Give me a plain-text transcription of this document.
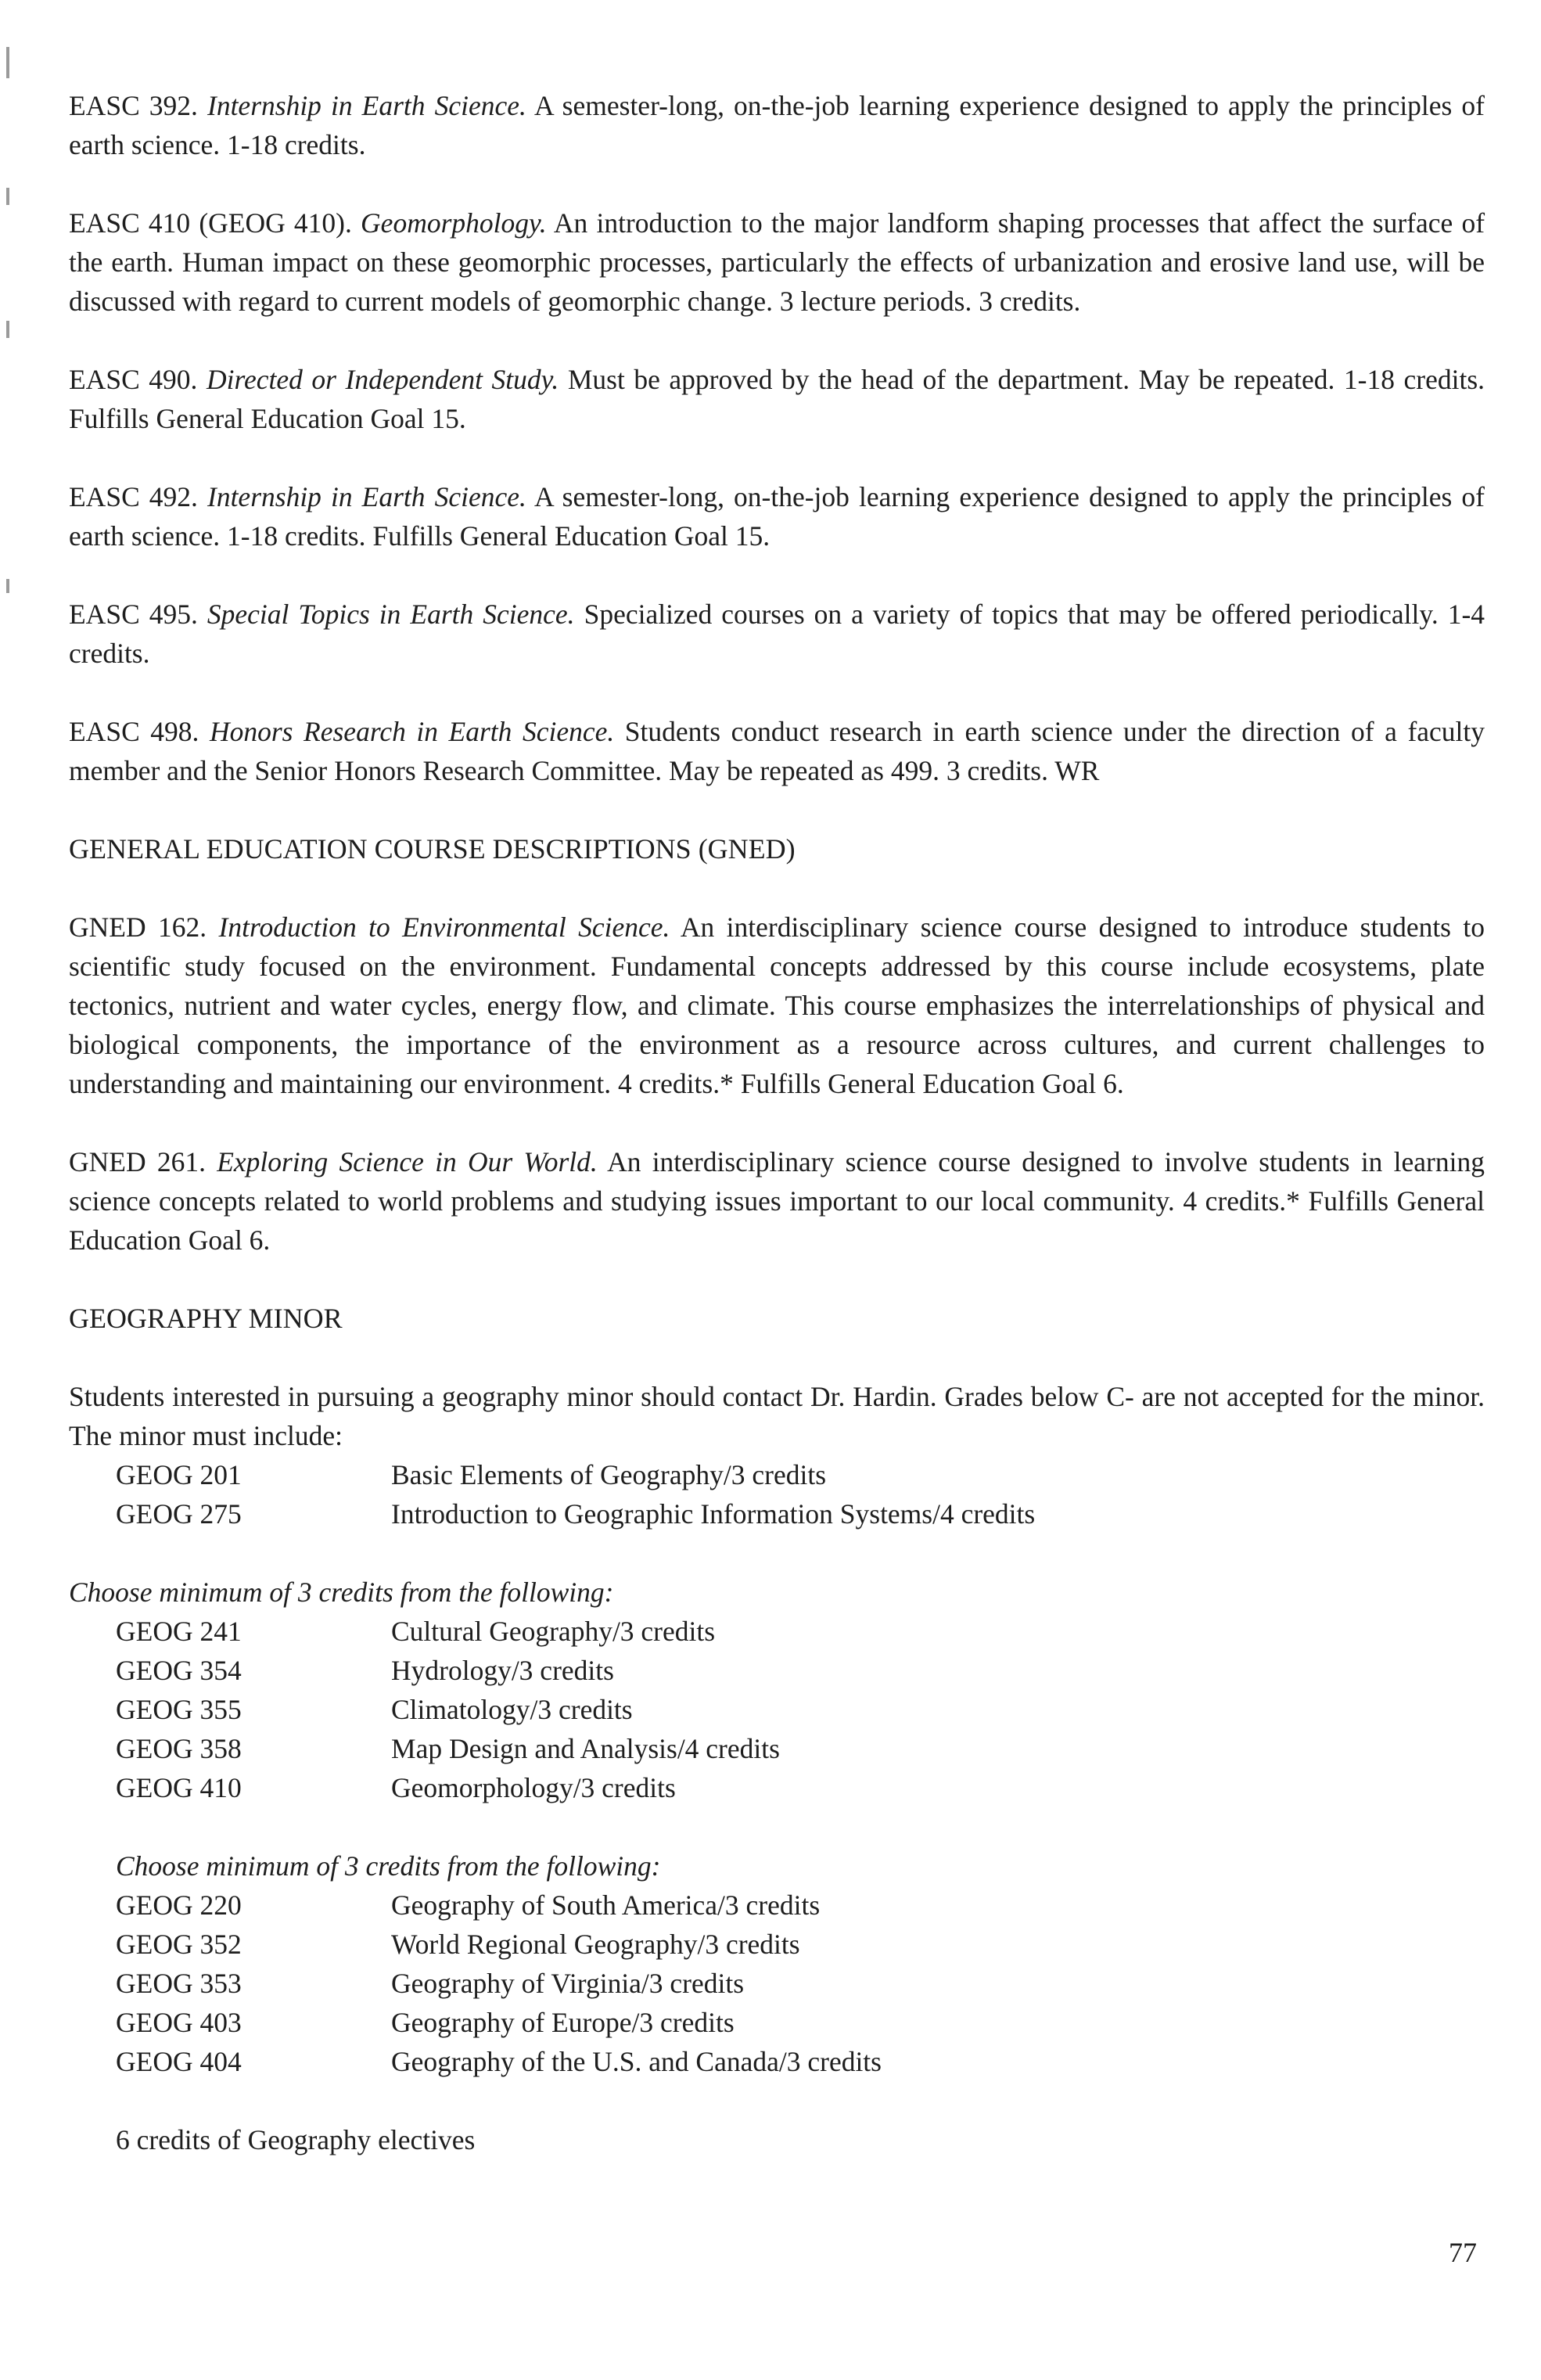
EASC 392. Internship in Earth Science. A semester-long, on-the-job learning experience designed to apply the principles of earth science. 1-18 credits.
EASC 410 (GEOG 410). Geomorphology. An introduction to the major landform shaping processes that affect the surface of the earth. Human impact on these geomorphic processes, particularly the effects of urbanization and erosive land use, will be discussed with regard to current models of geomorphic change. 3 lecture periods. 3 credits.
EASC 490. Directed or Independent Study. Must be approved by the head of the department. May be repeated. 1-18 credits. Fulfills General Education Goal 15.
EASC 492. Internship in Earth Science. A semester-long, on-the-job learning experience designed to apply the principles of earth science. 1-18 credits. Fulfills General Education Goal 15.
EASC 495. Special Topics in Earth Science. Specialized courses on a variety of topics that may be offered periodically. 1-4 credits.
EASC 498. Honors Research in Earth Science. Students conduct research in earth science under the direction of a faculty member and the Senior Honors Research Committee. May be repeated as 499. 3 credits. WR
GENERAL EDUCATION COURSE DESCRIPTIONS (GNED)
GNED 162. Introduction to Environmental Science. An interdisciplinary science course designed to introduce students to scientific study focused on the environment. Fundamental concepts addressed by this course include ecosystems, plate tectonics, nutrient and water cycles, energy flow, and climate. This course emphasizes the interrelationships of physical and biological components, the importance of the environment as a resource across cultures, and current challenges to understanding and maintaining our environment. 4 credits.* Fulfills General Education Goal 6.
GNED 261. Exploring Science in Our World. An interdisciplinary science course designed to involve students in learning science concepts related to world problems and studying issues important to our local community. 4 credits.* Fulfills General Education Goal 6.
GEOGRAPHY MINOR

Students interested in pursuing a geography minor should contact Dr. Hardin. Grades below C- are not accepted for the minor. The minor must include:

GEOG 201	Basic Elements of Geography/3 credits
GEOG 275	Introduction to Geographic Information Systems/4 credits

Choose minimum of 3 credits from the following:

GEOG 241	Cultural Geography/3 credits
GEOG 354	Hydrology/3 credits
GEOG 355	Climatology/3 credits
GEOG 358	Map Design and Analysis/4 credits
GEOG 410	Geomorphology/3 credits

Choose minimum of 3 credits from the following:

GEOG 220	Geography of South America/3 credits
GEOG 352	World Regional Geography/3 credits
GEOG 353	Geography of Virginia/3 credits
GEOG 403	Geography of Europe/3 credits
GEOG 404	Geography of the U.S. and Canada/3 credits

6 credits of Geography electives

77
